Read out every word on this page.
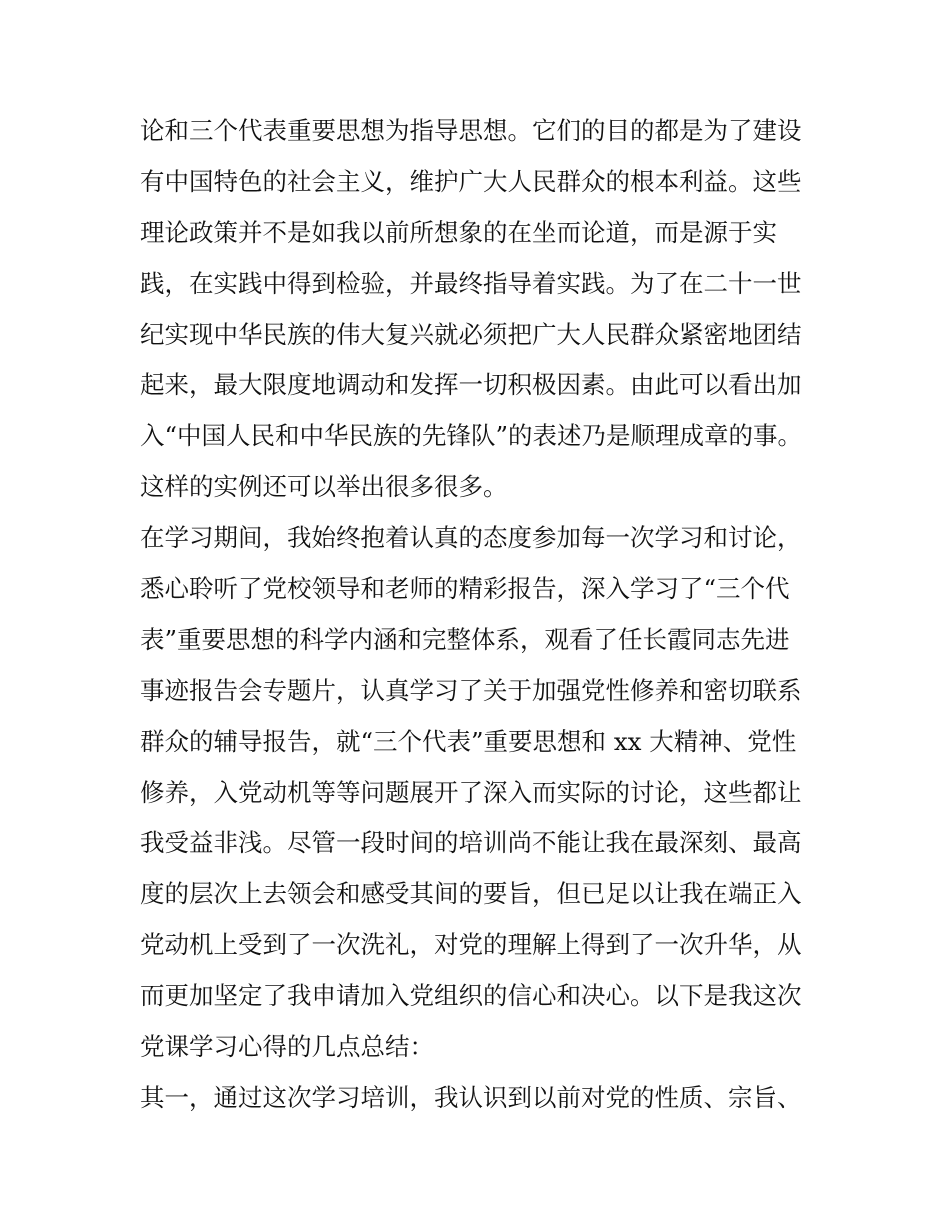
论和三个代表重要思想为指导思想。它们的目的都是为了建设
有中国特色的社会主义，维护广大人民群众的根本利益。这些
理论政策并不是如我以前所想象的在坐而论道，而是源于实
践，在实践中得到检验，并最终指导着实践。为了在二十一世
纪实现中华民族的伟大复兴就必须把广大人民群众紧密地团结
起来，最大限度地调动和发挥一切积极因素。由此可以看出加
入“中国人民和中华民族的先锋队”的表述乃是顺理成章的事。
这样的实例还可以举出很多很多。
在学习期间，我始终抱着认真的态度参加每一次学习和讨论，
悉心聆听了党校领导和老师的精彩报告，深入学习了“三个代
表”重要思想的科学内涵和完整体系，观看了任长霞同志先进
事迹报告会专题片，认真学习了关于加强党性修养和密切联系
群众的辅导报告，就“三个代表”重要思想和 xx 大精神、党性
修养，入党动机等等问题展开了深入而实际的讨论，这些都让
我受益非浅。尽管一段时间的培训尚不能让我在最深刻、最高
度的层次上去领会和感受其间的要旨，但已足以让我在端正入
党动机上受到了一次洗礼，对党的理解上得到了一次升华，从
而更加坚定了我申请加入党组织的信心和决心。以下是我这次
党课学习心得的几点总结：
其一，通过这次学习培训，我认识到以前对党的性质、宗旨、
